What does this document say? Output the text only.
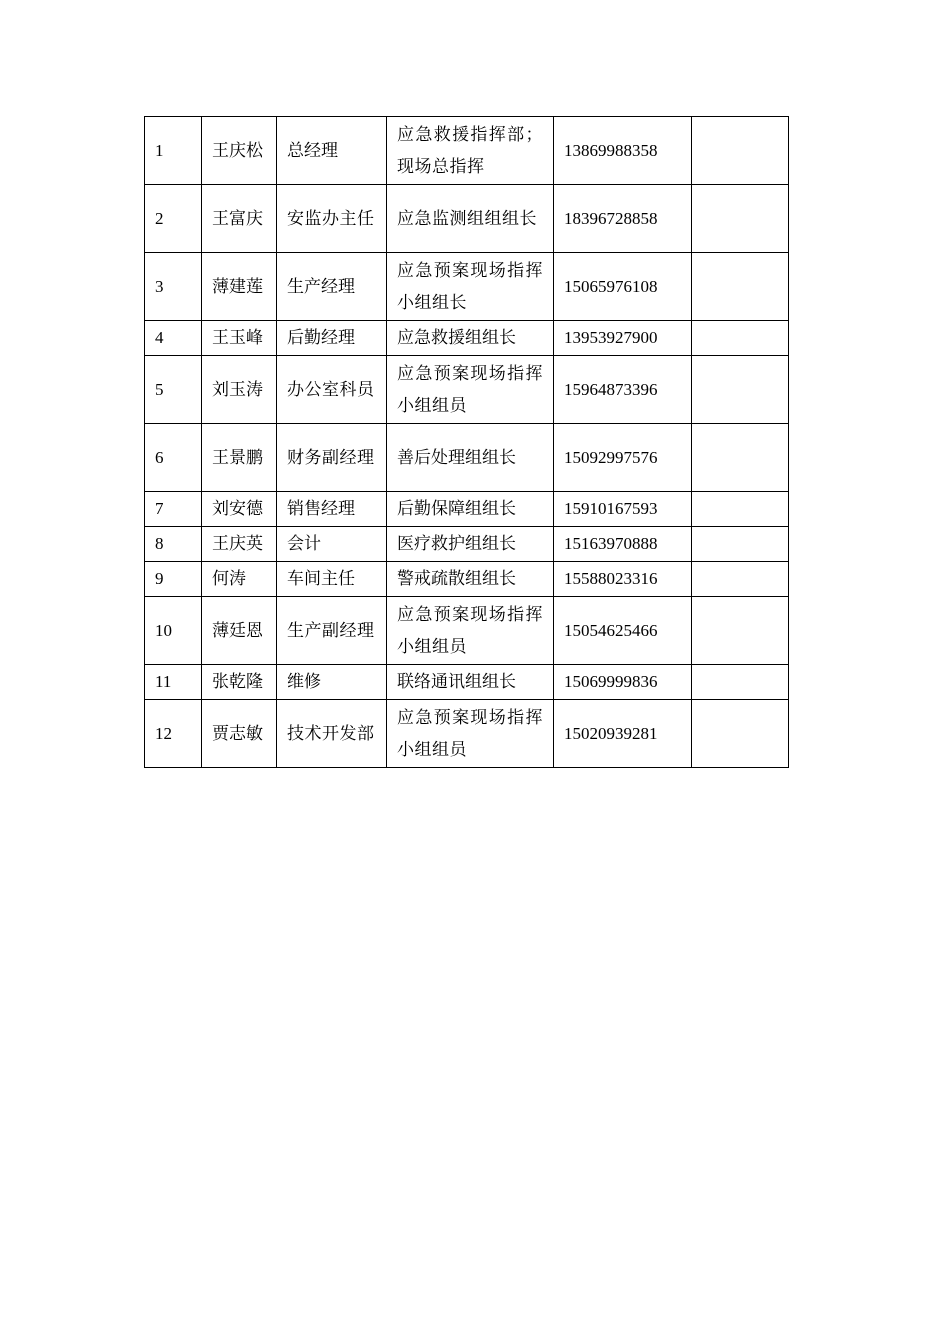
1	王庆松	总经理	应急救援指挥部；现场总指挥	13869988358	
2	王富庆	安监办主任	应急监测组组组长	18396728858	
3	薄建莲	生产经理	应急预案现场指挥小组组长	15065976108	
4	王玉峰	后勤经理	应急救援组组长	13953927900	
5	刘玉涛	办公室科员	应急预案现场指挥小组组员	15964873396	
6	王景鹏	财务副经理	善后处理组组长	15092997576	
7	刘安德	销售经理	后勤保障组组长	15910167593	
8	王庆英	会计	医疗救护组组长	15163970888	
9	何涛	车间主任	警戒疏散组组长	15588023316	
10	薄廷恩	生产副经理	应急预案现场指挥小组组员	15054625466	
11	张乾隆	维修	联络通讯组组长	15069999836	
12	贾志敏	技术开发部	应急预案现场指挥小组组员	15020939281	
